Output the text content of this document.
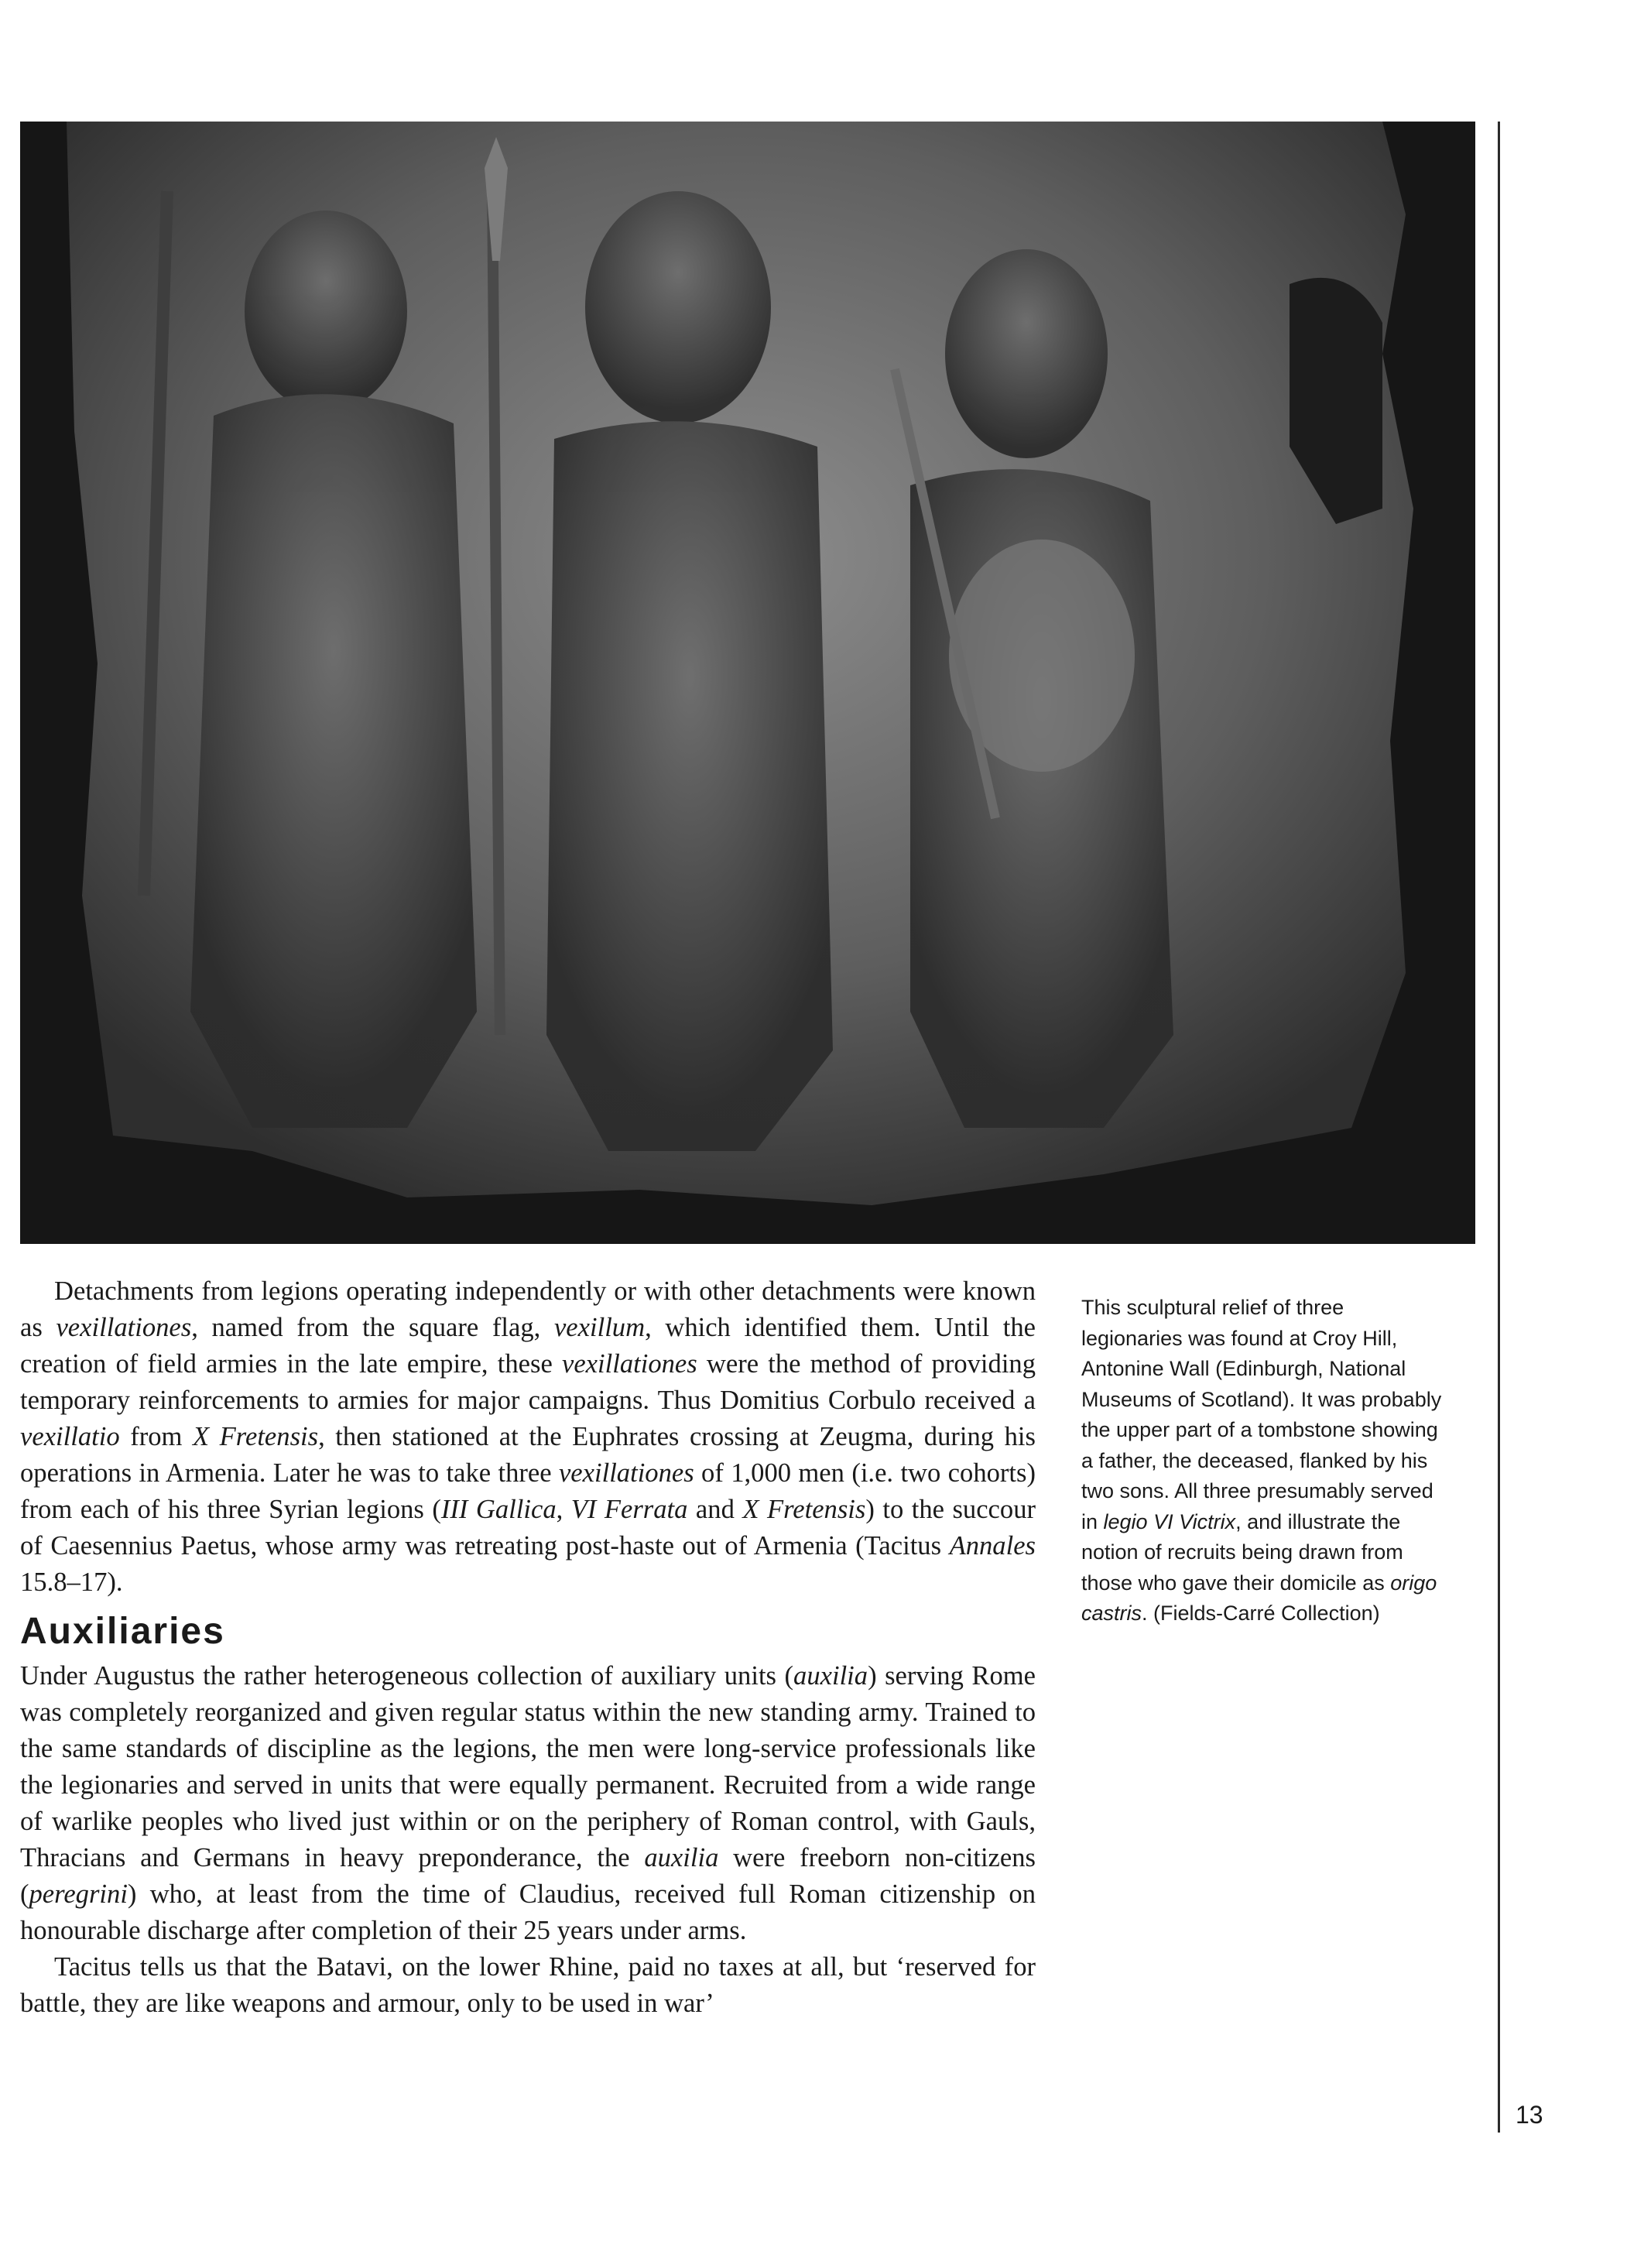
Detachments from legions operating independently or with other detachments were known as vexillationes, named from the square flag, vexillum, which identified them. Until the creation of field armies in the late empire, these vexillationes were the method of providing temporary reinforcements to armies for major campaigns. Thus Domitius Corbulo received a vexillatio from X Fretensis, then stationed at the Euphrates crossing at Zeugma, during his operations in Armenia. Later he was to take three vexillationes of 1,000 men (i.e. two cohorts) from each of his three Syrian legions (III Gallica, VI Ferrata and X Fretensis) to the succour of Caesennius Paetus, whose army was retreating post-haste out of Armenia (Tacitus Annales 15.8–17).

Auxiliaries

Under Augustus the rather heterogeneous collection of auxiliary units (auxilia) serving Rome was completely reorganized and given regular status within the new standing army. Trained to the same standards of discipline as the legions, the men were long-service professionals like the legionaries and served in units that were equally permanent. Recruited from a wide range of warlike peoples who lived just within or on the periphery of Roman control, with Gauls, Thracians and Germans in heavy preponderance, the auxilia were freeborn non-citizens (peregrini) who, at least from the time of Claudius, received full Roman citizenship on honourable discharge after completion of their 25 years under arms.

Tacitus tells us that the Batavi, on the lower Rhine, paid no taxes at all, but ‘reserved for battle, they are like weapons and armour, only to be used in war’

This sculptural relief of three legionaries was found at Croy Hill, Antonine Wall (Edinburgh, National Museums of Scotland). It was probably the upper part of a tombstone showing a father, the deceased, flanked by his two sons. All three presumably served in legio VI Victrix, and illustrate the notion of recruits being drawn from those who gave their domicile as origo castris. (Fields-Carré Collection)

13
